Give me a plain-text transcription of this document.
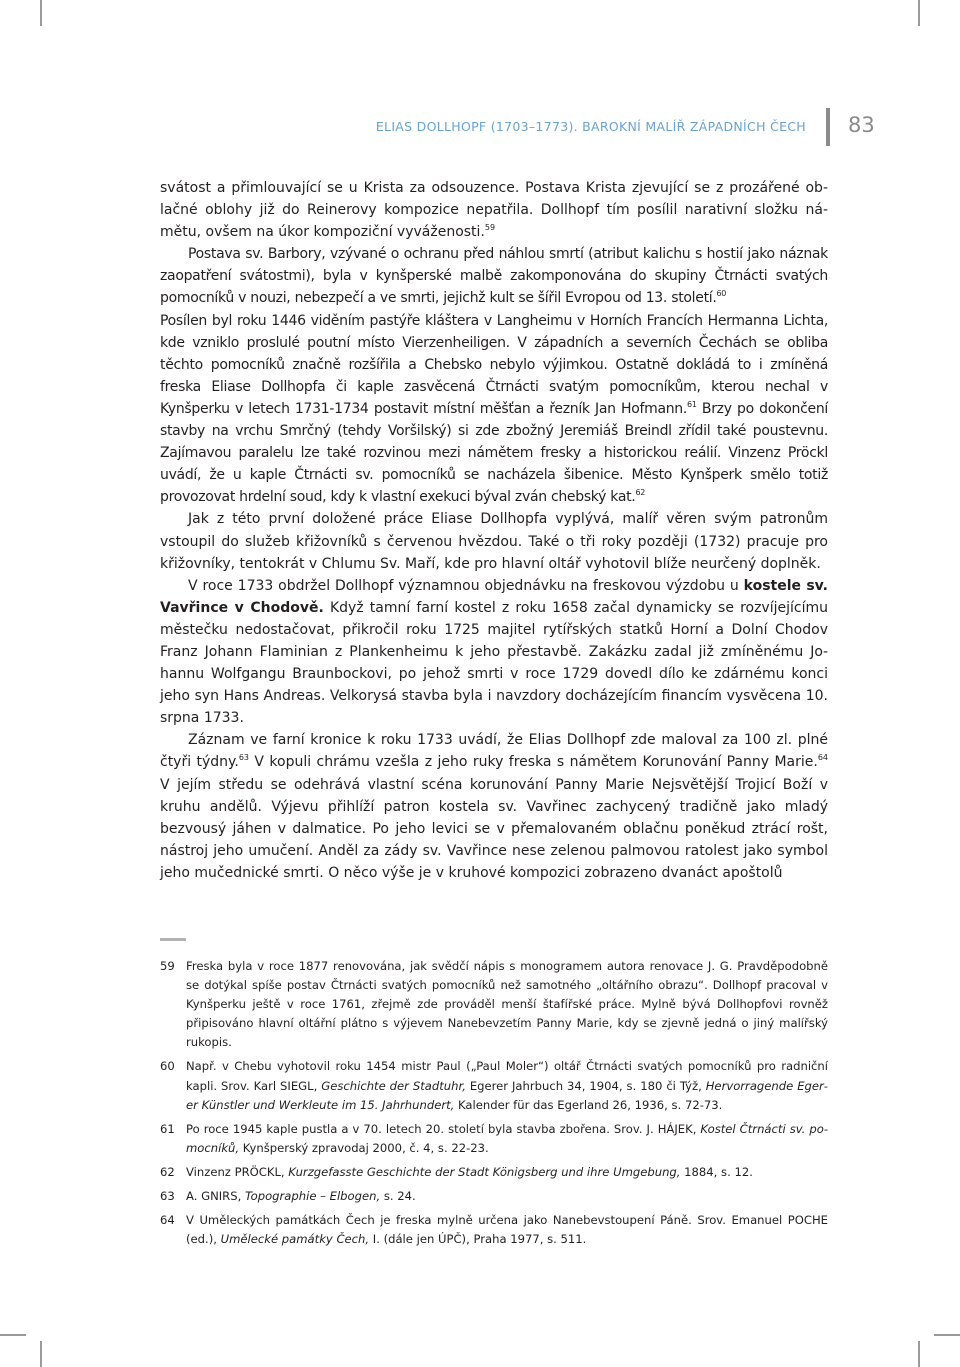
ELIAS DOLLHOPF (1703–1773). BAROKNÍ MALÍŘ ZÁPADNÍCH ČECH 83

svátost a přimlouvající se u Krista za odsouzence. Postava Krista zjevující se z prozářené oblačné oblohy již do Reinerovy kompozice nepatřila. Dollhopf tím posílil narativní složku námětu, ovšem na úkor kompoziční vyváženosti.$^{59}$

Postava sv. Barbory, vzývané o ochranu před náhlou smrtí (atribut kalichu s hostií jako náznak zaopatření svátostmi), byla v kynšperské malbě zakomponována do skupiny Čtrnácti svatých pomocníků v nouzi, nebezpečí a ve smrti, jejichž kult se šířil Evropou od 13. století.$^{60}$
Posílen byl roku 1446 viděním pastýře kláštera v Langheimu v Horních Francích Hermanna Lichta, kde vzniklo proslulé poutní místo Vierzenheiligen. V západních a severních Čechách se obliba těchto pomocníků značně rozšířila a Chebsko nebylo výjimkou. Ostatně dokládá to i zmíněná freska Eliase Dollhopfa či kaple zasvěcená Čtrnácti svatým pomocníkům, kterou nechal v Kynšperku v letech 1731-1734 postavit místní měšťan a řezník Jan Hofmann.$^{61}$ Brzy po dokončení stavby na vrchu Smrčný (tehdy Voršilský) si zde zbožný Jeremiáš Breindl zřídil také poustevnu. Zajímavou paralelu lze také rozvinou mezi námětem fresky a historickou reálií. Vinzenz Pröckl uvádí, že u kaple Čtrnácti sv. pomocníků se nacházela šibenice. Město Kynšperk smělo totiž provozovat hrdelní soud, kdy k vlastní exekuci býval zván chebský kat.$^{62}$

Jak z této první doložené práce Eliase Dollhopfa vyplývá, malíř věren svým patronům vstoupil do služeb křižovníků s červenou hvězdou. Také o tři roky později (1732) pracuje pro křižovníky, tentokrát v Chlumu Sv. Maří, kde pro hlavní oltář vyhotovil blíže neurčený doplněk.

V roce 1733 obdržel Dollhopf významnou objednávku na freskovou výzdobu u kostele sv. Vavřince v Chodově. Když tamní farní kostel z roku 1658 začal dynamicky se rozvíjejícímu městečku nedostačovat, přikročil roku 1725 majitel rytířských statků Horní a Dolní Chodov Franz Johann Flaminian z Plankenheimu k jeho přestavbě. Zakázku zadal již zmíněnému Johannu Wolfgangu Braunbockovi, po jehož smrti v roce 1729 dovedl dílo ke zdárnému konci jeho syn Hans Andreas. Velkorysá stavba byla i navzdory docházejícím financím vysvěcena 10. srpna 1733.

Záznam ve farní kronice k roku 1733 uvádí, že Elias Dollhopf zde maloval za 100 zl. plné čtyři týdny.$^{63}$ V kopuli chrámu vzešla z jeho ruky freska s námětem Korunování Panny Marie.$^{64}$ V jejím středu se odehrává vlastní scéna korunování Panny Marie Nejsvětější Trojicí Boží v kruhu andělů. Výjevu přihlíží patron kostela sv. Vavřinec zachycený tradičně jako mladý bezvousý jáhen v dalmatice. Po jeho levici se v přemalovaném oblačnu poněkud ztrácí rošt, nástroj jeho umučení. Anděl za zády sv. Vavřince nese zelenou palmovou ratolest jako symbol jeho mučednické smrti. O něco výše je v kruhové kompozici zobrazeno dvanáct apoštolů

59 Freska byla v roce 1877 renovována, jak svědčí nápis s monogramem autora renovace J. G. Pravděpodobně se dotýkal spíše postav Čtrnácti svatých pomocníků než samotného „oltářního obrazu“. Dollhopf pracoval v Kynšperku ještě v roce 1761, zřejmě zde prováděl menší štafířské práce. Mylně bývá Dollhopfovi rovněž připisováno hlavní oltářní plátno s výjevem Nanebevzetím Panny Marie, kdy se zjevně jedná o jiný malířský rukopis.
60 Např. v Chebu vyhotovil roku 1454 mistr Paul („Paul Moler“) oltář Čtrnácti svatých pomocníků pro radniční kapli. Srov. Karl SIEGL, Geschichte der Stadtuhr, Egerer Jahrbuch 34, 1904, s. 180 či Týž, Hervorragende Egerer Künstler und Werkleute im 15. Jahrhundert, Kalender für das Egerland 26, 1936, s. 72-73.
61 Po roce 1945 kaple pustla a v 70. letech 20. století byla stavba zbořena. Srov. J. HÁJEK, Kostel Čtrnácti sv. pomocníků, Kynšperský zpravodaj 2000, č. 4, s. 22-23.
62 Vinzenz PRÖCKL, Kurzgefasste Geschichte der Stadt Königsberg und ihre Umgebung, 1884, s. 12.
63 A. GNIRS, Topographie – Elbogen, s. 24.
64 V Uměleckých památkách Čech je freska mylně určena jako Nanebevstoupení Páně. Srov. Emanuel POCHE (ed.), Umělecké památky Čech, I. (dále jen ÚPČ), Praha 1977, s. 511.
